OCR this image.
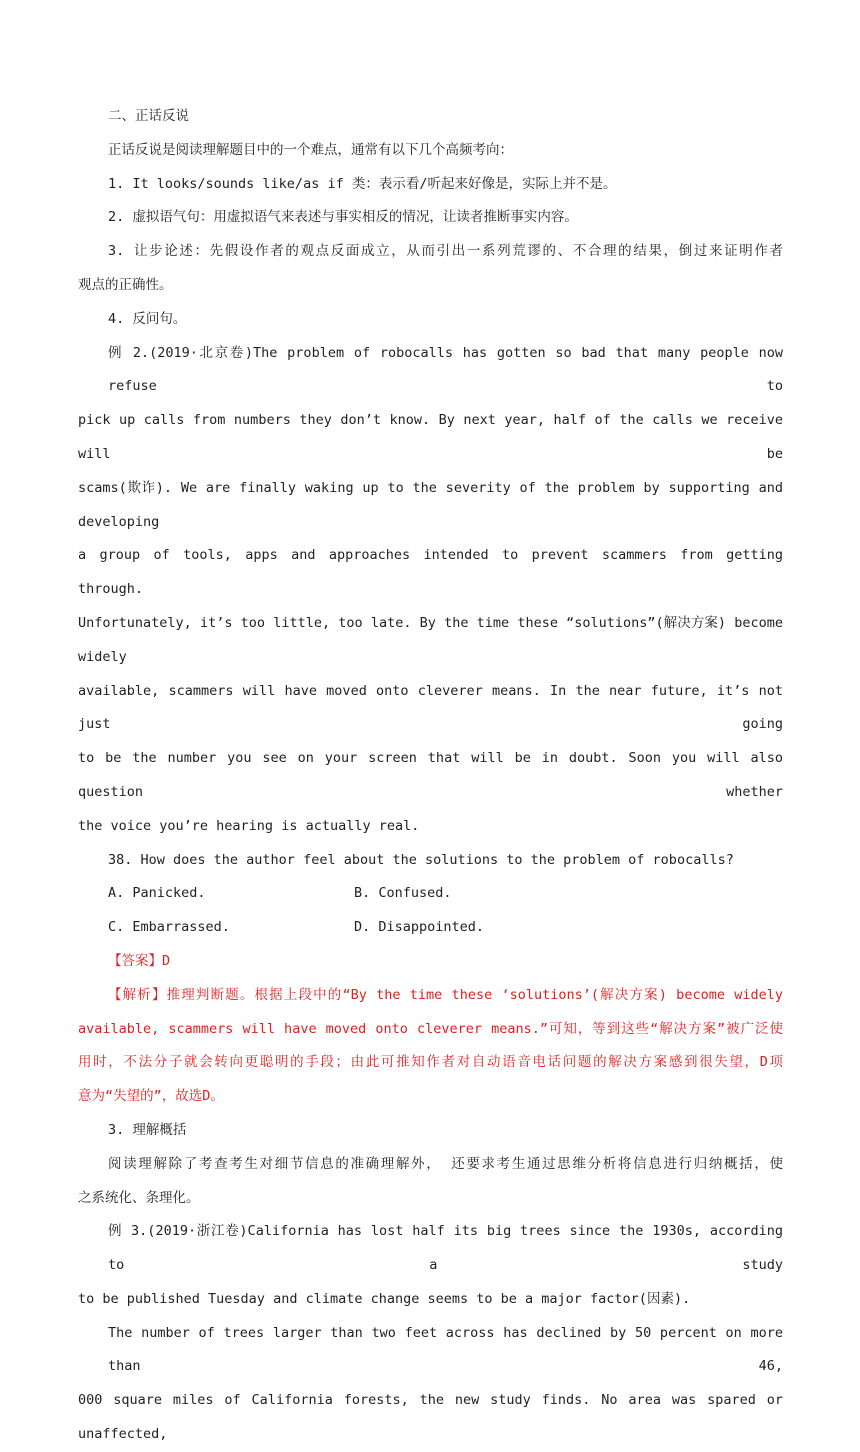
二、正话反说
正话反说是阅读理解题目中的一个难点，通常有以下几个高频考向：
1. It looks/sounds like/as if 类：表示看/听起来好像是，实际上并不是。
2. 虚拟语气句：用虚拟语气来表述与事实相反的情况，让读者推断事实内容。
3. 让步论述：先假设作者的观点反面成立，从而引出一系列荒谬的、不合理的结果，倒过来证明作者
观点的正确性。
4. 反问句。
例 2.(2019·北京卷)The problem of robocalls has gotten so bad that many people now refuse to
pick up calls from numbers they don’t know. By next year, half of the calls we receive will be
scams(欺诈). We are finally waking up to the severity of the problem by supporting and developing
a group of tools, apps and approaches intended to prevent scammers from getting through.
Unfortunately, it’s too little, too late. By the time these “solutions”(解决方案) become widely
available, scammers will have moved onto cleverer means. In the near future, it’s not just going
to be the number you see on your screen that will be in doubt. Soon you will also question whether
the voice you’re hearing is actually real.
38. How does the author feel about the solutions to the problem of robocalls?
A. Panicked.	B. Confused.
C. Embarrassed.	D. Disappointed.
【答案】D
【解析】推理判断题。根据上段中的“By the time these ‘solutions’(解决方案) become widely
available, scammers will have moved onto cleverer means.”可知，等到这些“解决方案”被广泛使
用时，不法分子就会转向更聪明的手段；由此可推知作者对自动语音电话问题的解决方案感到很失望，D项
意为“失望的”，故选D。
3. 理解概括
阅读理解除了考查考生对细节信息的准确理解外， 还要求考生通过思维分析将信息进行归纳概括，使
之系统化、条理化。
例 3.(2019·浙江卷)California has lost half its big trees since the 1930s, according to a study
to be published Tuesday and climate change seems to be a major factor(因素).
The number of trees larger than two feet across has declined by 50 percent on more than 46,
000 square miles of California forests, the new study finds. No area was spared or unaffected,
